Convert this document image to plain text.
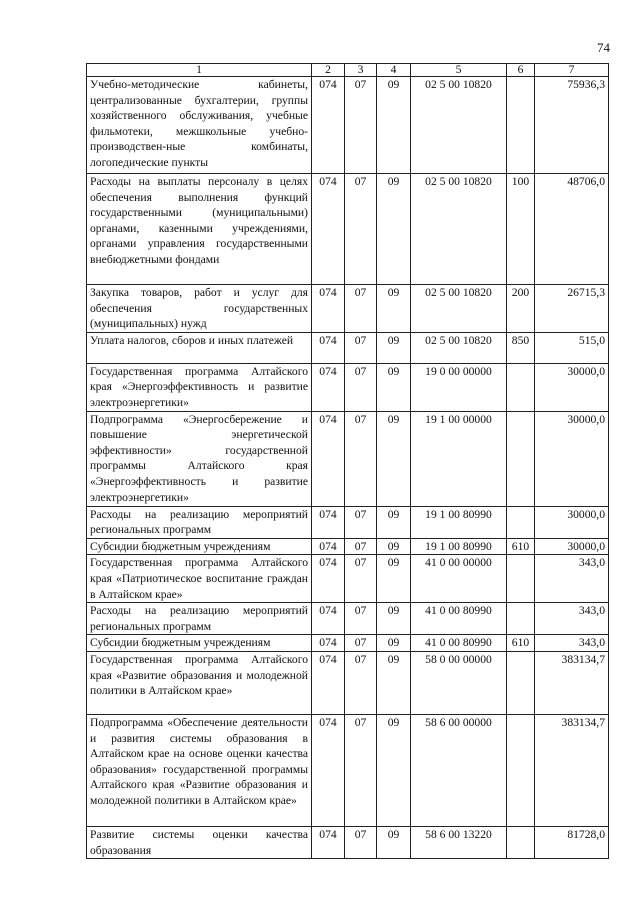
74
1	2	3	4	5	6	7
Учебно-методические кабинеты, централизованные бухгалтерии, группы хозяйственного обслуживания, учебные фильмотеки, межшкольные учебно-производствен-ные комбинаты, логопедические пункты	074	07	09	02 5 00 10820		75936,3
Расходы на выплаты персоналу в целях обеспечения выполнения функций государственными (муниципальными) органами, казенными учреждениями, органами управления государственными внебюджетными фондами	074	07	09	02 5 00 10820	100	48706,0
Закупка товаров, работ и услуг для обеспечения государственных (муниципальных) нужд	074	07	09	02 5 00 10820	200	26715,3
Уплата налогов, сборов и иных платежей	074	07	09	02 5 00 10820	850	515,0
Государственная программа Алтайского края «Энергоэффективность и развитие электроэнергетики»	074	07	09	19 0 00 00000		30000,0
Подпрограмма «Энергосбережение и повышение энергетической эффективности» государственной программы Алтайского края «Энергоэффективность и развитие электроэнергетики»	074	07	09	19 1 00 00000		30000,0
Расходы на реализацию мероприятий региональных программ	074	07	09	19 1 00 80990		30000,0
Субсидии бюджетным учреждениям	074	07	09	19 1 00 80990	610	30000,0
Государственная программа Алтайского края «Патриотическое воспитание граждан в Алтайском крае»	074	07	09	41 0 00 00000		343,0
Расходы на реализацию мероприятий региональных программ	074	07	09	41 0 00 80990		343,0
Субсидии бюджетным учреждениям	074	07	09	41 0 00 80990	610	343,0
Государственная программа Алтайского края «Развитие образования и молодежной политики в Алтайском крае»	074	07	09	58 0 00 00000		383134,7
Подпрограмма «Обеспечение деятельности и развития системы образования в Алтайском крае на основе оценки качества образования» государственной программы Алтайского края «Развитие образования и молодежной политики в Алтайском крае»	074	07	09	58 6 00 00000		383134,7
Развитие системы оценки качества образования	074	07	09	58 6 00 13220		81728,0
